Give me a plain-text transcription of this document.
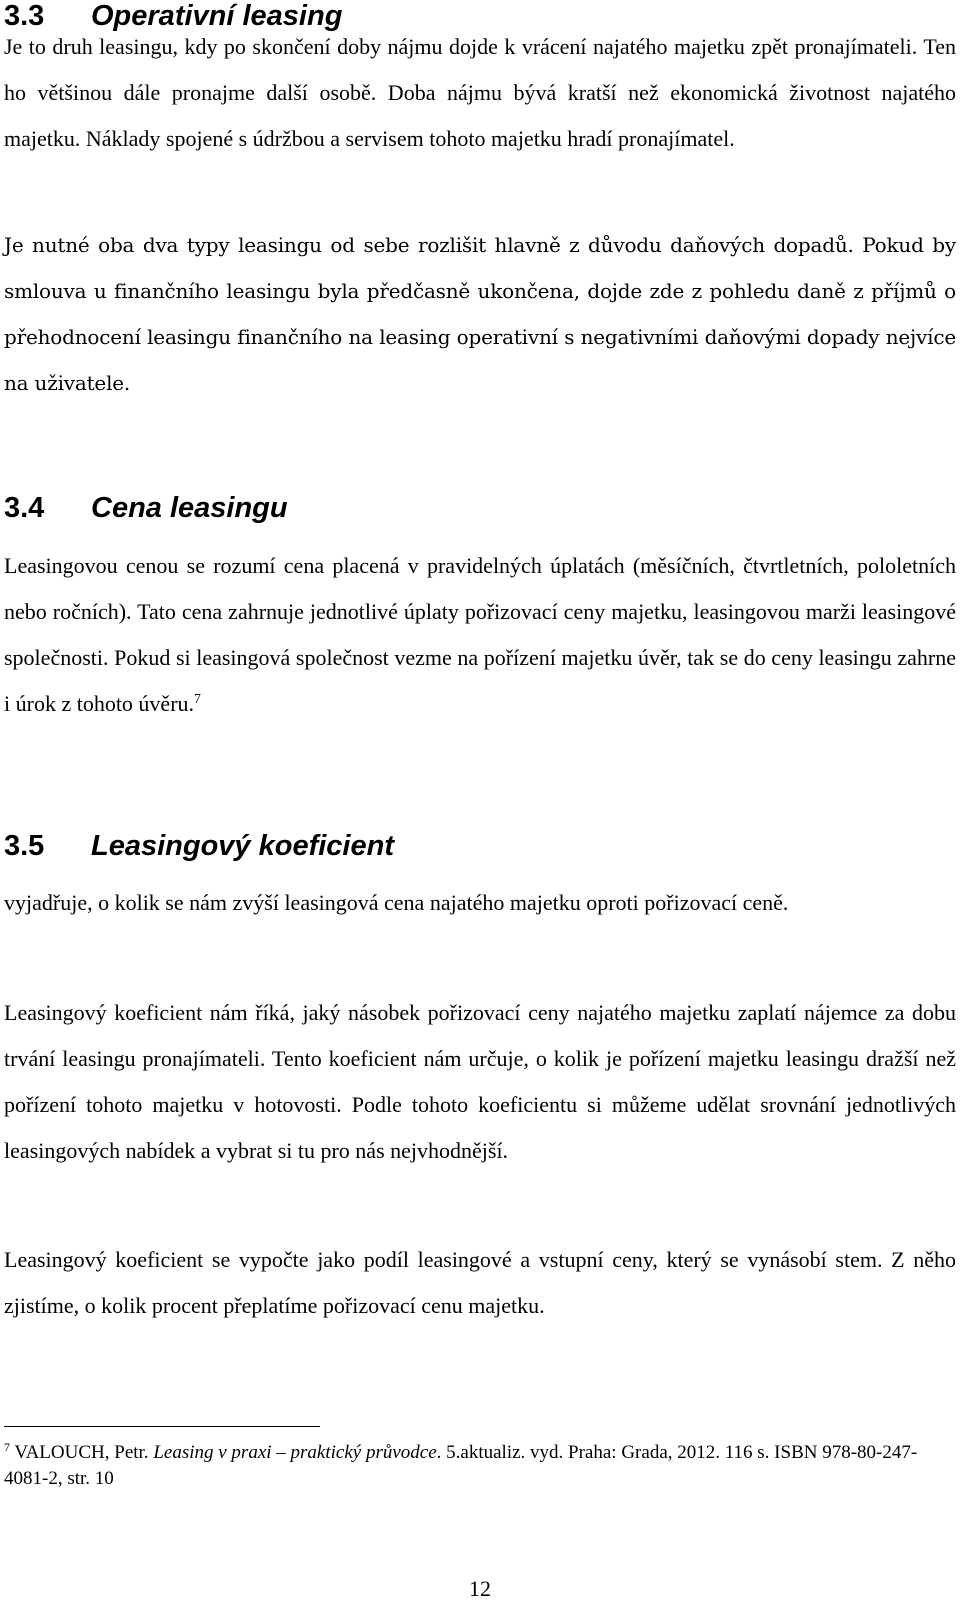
3.3 Operativní leasing

Je to druh leasingu, kdy po skončení doby nájmu dojde k vrácení najatého majetku zpět pronajímateli. Ten ho většinou dále pronajme další osobě. Doba nájmu bývá kratší než ekonomická životnost najatého majetku. Náklady spojené s údržbou a servisem tohoto majetku hradí pronajímatel.

Je nutné oba dva typy leasingu od sebe rozlišit hlavně z důvodu daňových dopadů. Pokud by smlouva u finančního leasingu byla předčasně ukončena, dojde zde z pohledu daně z příjmů o přehodnocení leasingu finančního na leasing operativní s negativními daňovými dopady nejvíce na uživatele.

3.4 Cena leasingu

Leasingovou cenou se rozumí cena placená v pravidelných úplatách (měsíčních, čtvrtletních, pololetních nebo ročních). Tato cena zahrnuje jednotlivé úplaty pořizovací ceny majetku, leasingovou marži leasingové společnosti. Pokud si leasingová společnost vezme na pořízení majetku úvěr, tak se do ceny leasingu zahrne i úrok z tohoto úvěru.$^7$

3.5 Leasingový koeficient

vyjadřuje, o kolik se nám zvýší leasingová cena najatého majetku oproti pořizovací ceně.

Leasingový koeficient nám říká, jaký násobek pořizovací ceny najatého majetku zaplatí nájemce za dobu trvání leasingu pronajímateli. Tento koeficient nám určuje, o kolik je pořízení majetku leasingu dražší než pořízení tohoto majetku v hotovosti. Podle tohoto koeficientu si můžeme udělat srovnání jednotlivých leasingových nabídek a vybrat si tu pro nás nejvhodnější.

Leasingový koeficient se vypočte jako podíl leasingové a vstupní ceny, který se vynásobí stem. Z něho zjistíme, o kolik procent přeplatíme pořizovací cenu majetku.

$^7$ VALOUCH, Petr. Leasing v praxi – praktický průvodce. 5.aktualiz. vyd. Praha: Grada, 2012. 116 s. ISBN 978-80-247-4081-2, str. 10

12
